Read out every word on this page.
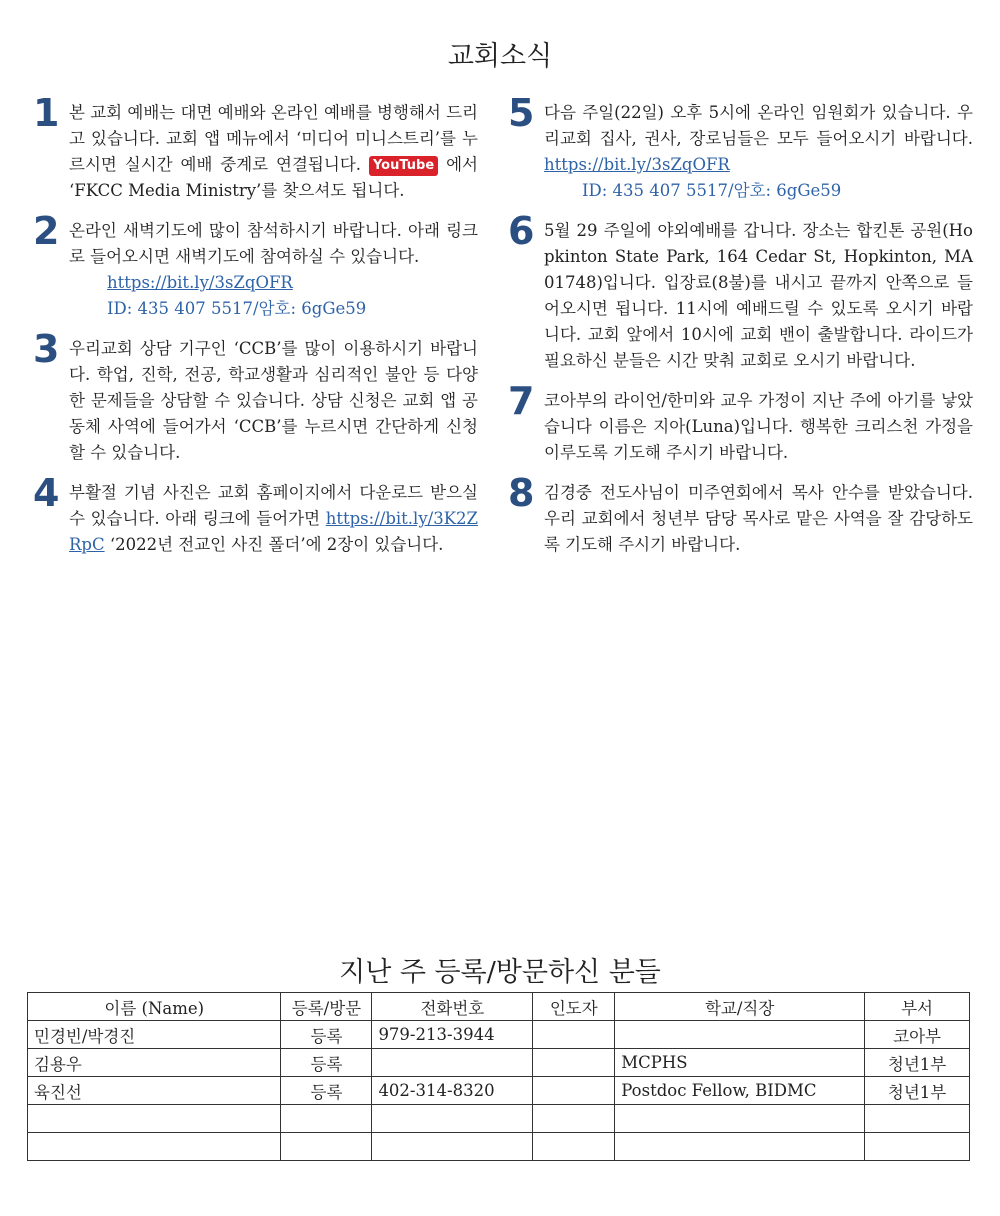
교회소식
1 본 교회 예배는 대면 예배와 온라인 예배를 병행해서 드리고 있습니다. 교회 앱 메뉴에서 ‘미디어 미니스트리’를 누르시면 실시간 예배 중계로 연결됩니다. YouTube 에서 ‘FKCC Media Ministry’를 찾으셔도 됩니다.
2 온라인 새벽기도에 많이 참석하시기 바랍니다. 아래 링크로 들어오시면 새벽기도에 참여하실 수 있습니다.
https://bit.ly/3sZqOFR
ID: 435 407 5517/암호: 6gGe59
3 우리교회 상담 기구인 ‘CCB’를 많이 이용하시기 바랍니다. 학업, 진학, 전공, 학교생활과 심리적인 불안 등 다양한 문제들을 상담할 수 있습니다. 상담 신청은 교회 앱 공동체 사역에 들어가서 ‘CCB’를 누르시면 간단하게 신청할 수 있습니다.
4 부활절 기념 사진은 교회 홈페이지에서 다운로드 받으실 수 있습니다. 아래 링크에 들어가면 https://bit.ly/3K2ZRpC ‘2022년 전교인 사진 폴더’에 2장이 있습니다.
5 다음 주일(22일) 오후 5시에 온라인 임원회가 있습니다. 우리교회 집사, 권사, 장로님들은 모두 들어오시기 바랍니다. https://bit.ly/3sZqOFR
ID: 435 407 5517/암호: 6gGe59
6 5월 29 주일에 야외예배를 갑니다. 장소는 합킨톤 공원(Hopkinton State Park, 164 Cedar St, Hopkinton, MA 01748)입니다. 입장료(8불)를 내시고 끝까지 안쪽으로 들어오시면 됩니다. 11시에 예배드릴 수 있도록 오시기 바랍니다. 교회 앞에서 10시에 교회 밴이 출발합니다. 라이드가 필요하신 분들은 시간 맞춰 교회로 오시기 바랍니다.
7 코아부의 라이언/한미와 교우 가정이 지난 주에 아기를 낳았습니다 이름은 지아(Luna)입니다. 행복한 크리스천 가정을 이루도록 기도해 주시기 바랍니다.
8 김경중 전도사님이 미주연회에서 목사 안수를 받았습니다. 우리 교회에서 청년부 담당 목사로 맡은 사역을 잘 감당하도록 기도해 주시기 바랍니다.
지난 주 등록/방문하신 분들
이름 (Name)	등록/방문	전화번호	인도자	학교/직장	부서
민경빈/박경진	등록	979-213-3944			코아부
김용우	등록			MCPHS	청년1부
육진선	등록	402-314-8320		Postdoc Fellow, BIDMC	청년1부
